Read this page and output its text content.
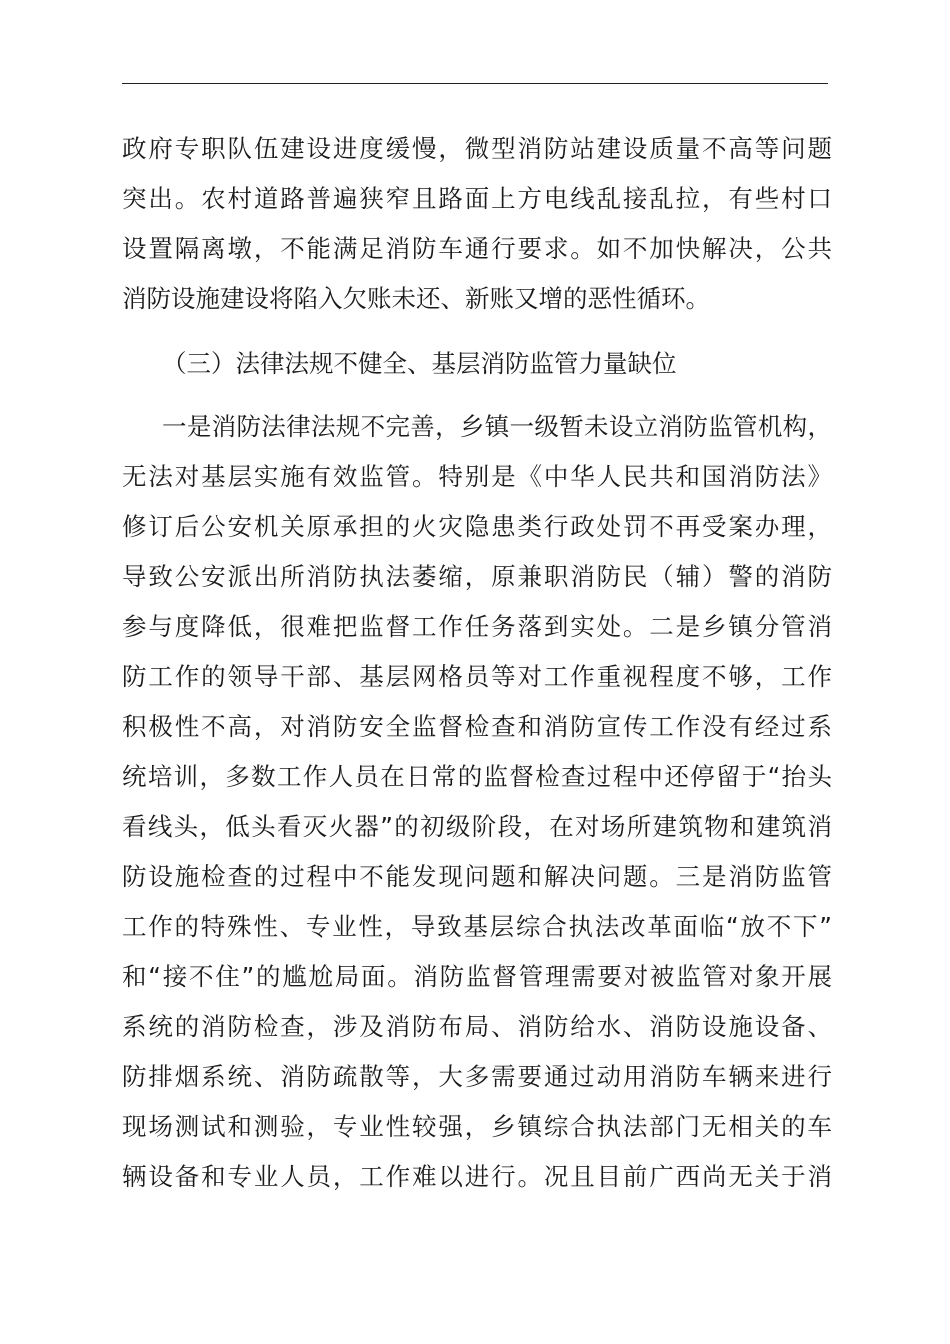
政府专职队伍建设进度缓慢，微型消防站建设质量不高等问题
突出。农村道路普遍狭窄且路面上方电线乱接乱拉，有些村口
设置隔离墩，不能满足消防车通行要求。如不加快解决，公共
消防设施建设将陷入欠账未还、新账又增的恶性循环。
（三）法律法规不健全、基层消防监管力量缺位
一是消防法律法规不完善，乡镇一级暂未设立消防监管机构，
无法对基层实施有效监管。特别是《中华人民共和国消防法》
修订后公安机关原承担的火灾隐患类行政处罚不再受案办理，
导致公安派出所消防执法萎缩，原兼职消防民（辅）警的消防
参与度降低，很难把监督工作任务落到实处。二是乡镇分管消
防工作的领导干部、基层网格员等对工作重视程度不够，工作
积极性不高，对消防安全监督检查和消防宣传工作没有经过系
统培训，多数工作人员在日常的监督检查过程中还停留于“抬头
看线头，低头看灭火器”的初级阶段，在对场所建筑物和建筑消
防设施检查的过程中不能发现问题和解决问题。三是消防监管
工作的特殊性、专业性，导致基层综合执法改革面临“放不下”
和“接不住”的尴尬局面。消防监督管理需要对被监管对象开展
系统的消防检查，涉及消防布局、消防给水、消防设施设备、
防排烟系统、消防疏散等，大多需要通过动用消防车辆来进行
现场测试和测验，专业性较强，乡镇综合执法部门无相关的车
辆设备和专业人员，工作难以进行。况且目前广西尚无关于消
